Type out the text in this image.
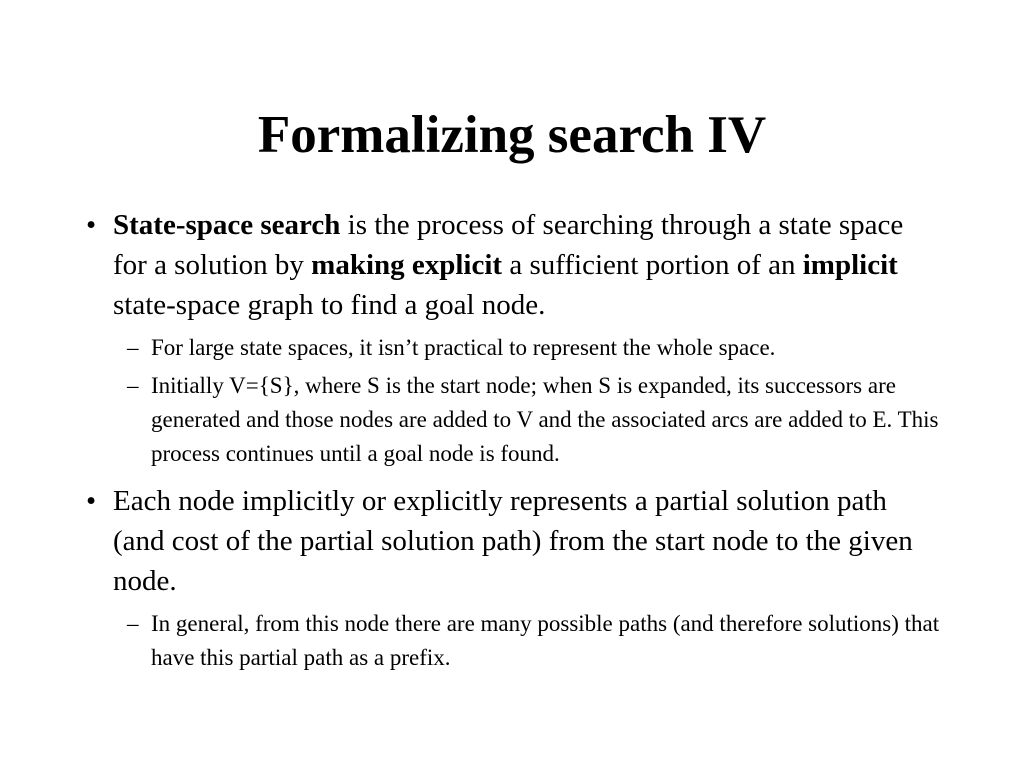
Formalizing search IV
• State-space search is the process of searching through a state space for a solution by making explicit a sufficient portion of an implicit state-space graph to find a goal node.
– For large state spaces, it isn’t practical to represent the whole space.
– Initially V={S}, where S is the start node; when S is expanded, its successors are generated and those nodes are added to V and the associated arcs are added to E. This process continues until a goal node is found.
• Each node implicitly or explicitly represents a partial solution path (and cost of the partial solution path) from the start node to the given node.
– In general, from this node there are many possible paths (and therefore solutions) that have this partial path as a prefix.
